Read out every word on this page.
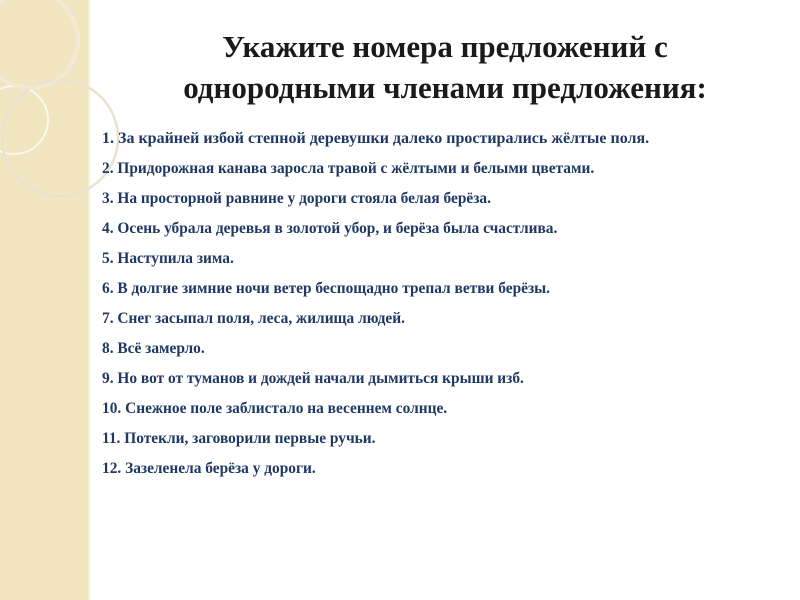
Укажите номера предложений с
однородными членами предложения:
1. За крайней избой степной деревушки далеко простирались жёлтые поля.
2. Придорожная канава заросла травой с жёлтыми и белыми цветами.
3. На просторной равнине у дороги стояла белая берёза.
4. Осень убрала деревья в золотой убор, и берёза была счастлива.
5. Наступила зима.
6. В долгие зимние ночи ветер беспощадно трепал ветви берёзы.
7. Снег засыпал поля, леса, жилища людей.
8. Всё замерло.
9. Но вот от туманов и дождей начали дымиться крыши изб.
10. Снежное поле заблистало на весеннем солнце.
11. Потекли, заговорили первые ручьи.
12. Зазеленела берёза у дороги.
